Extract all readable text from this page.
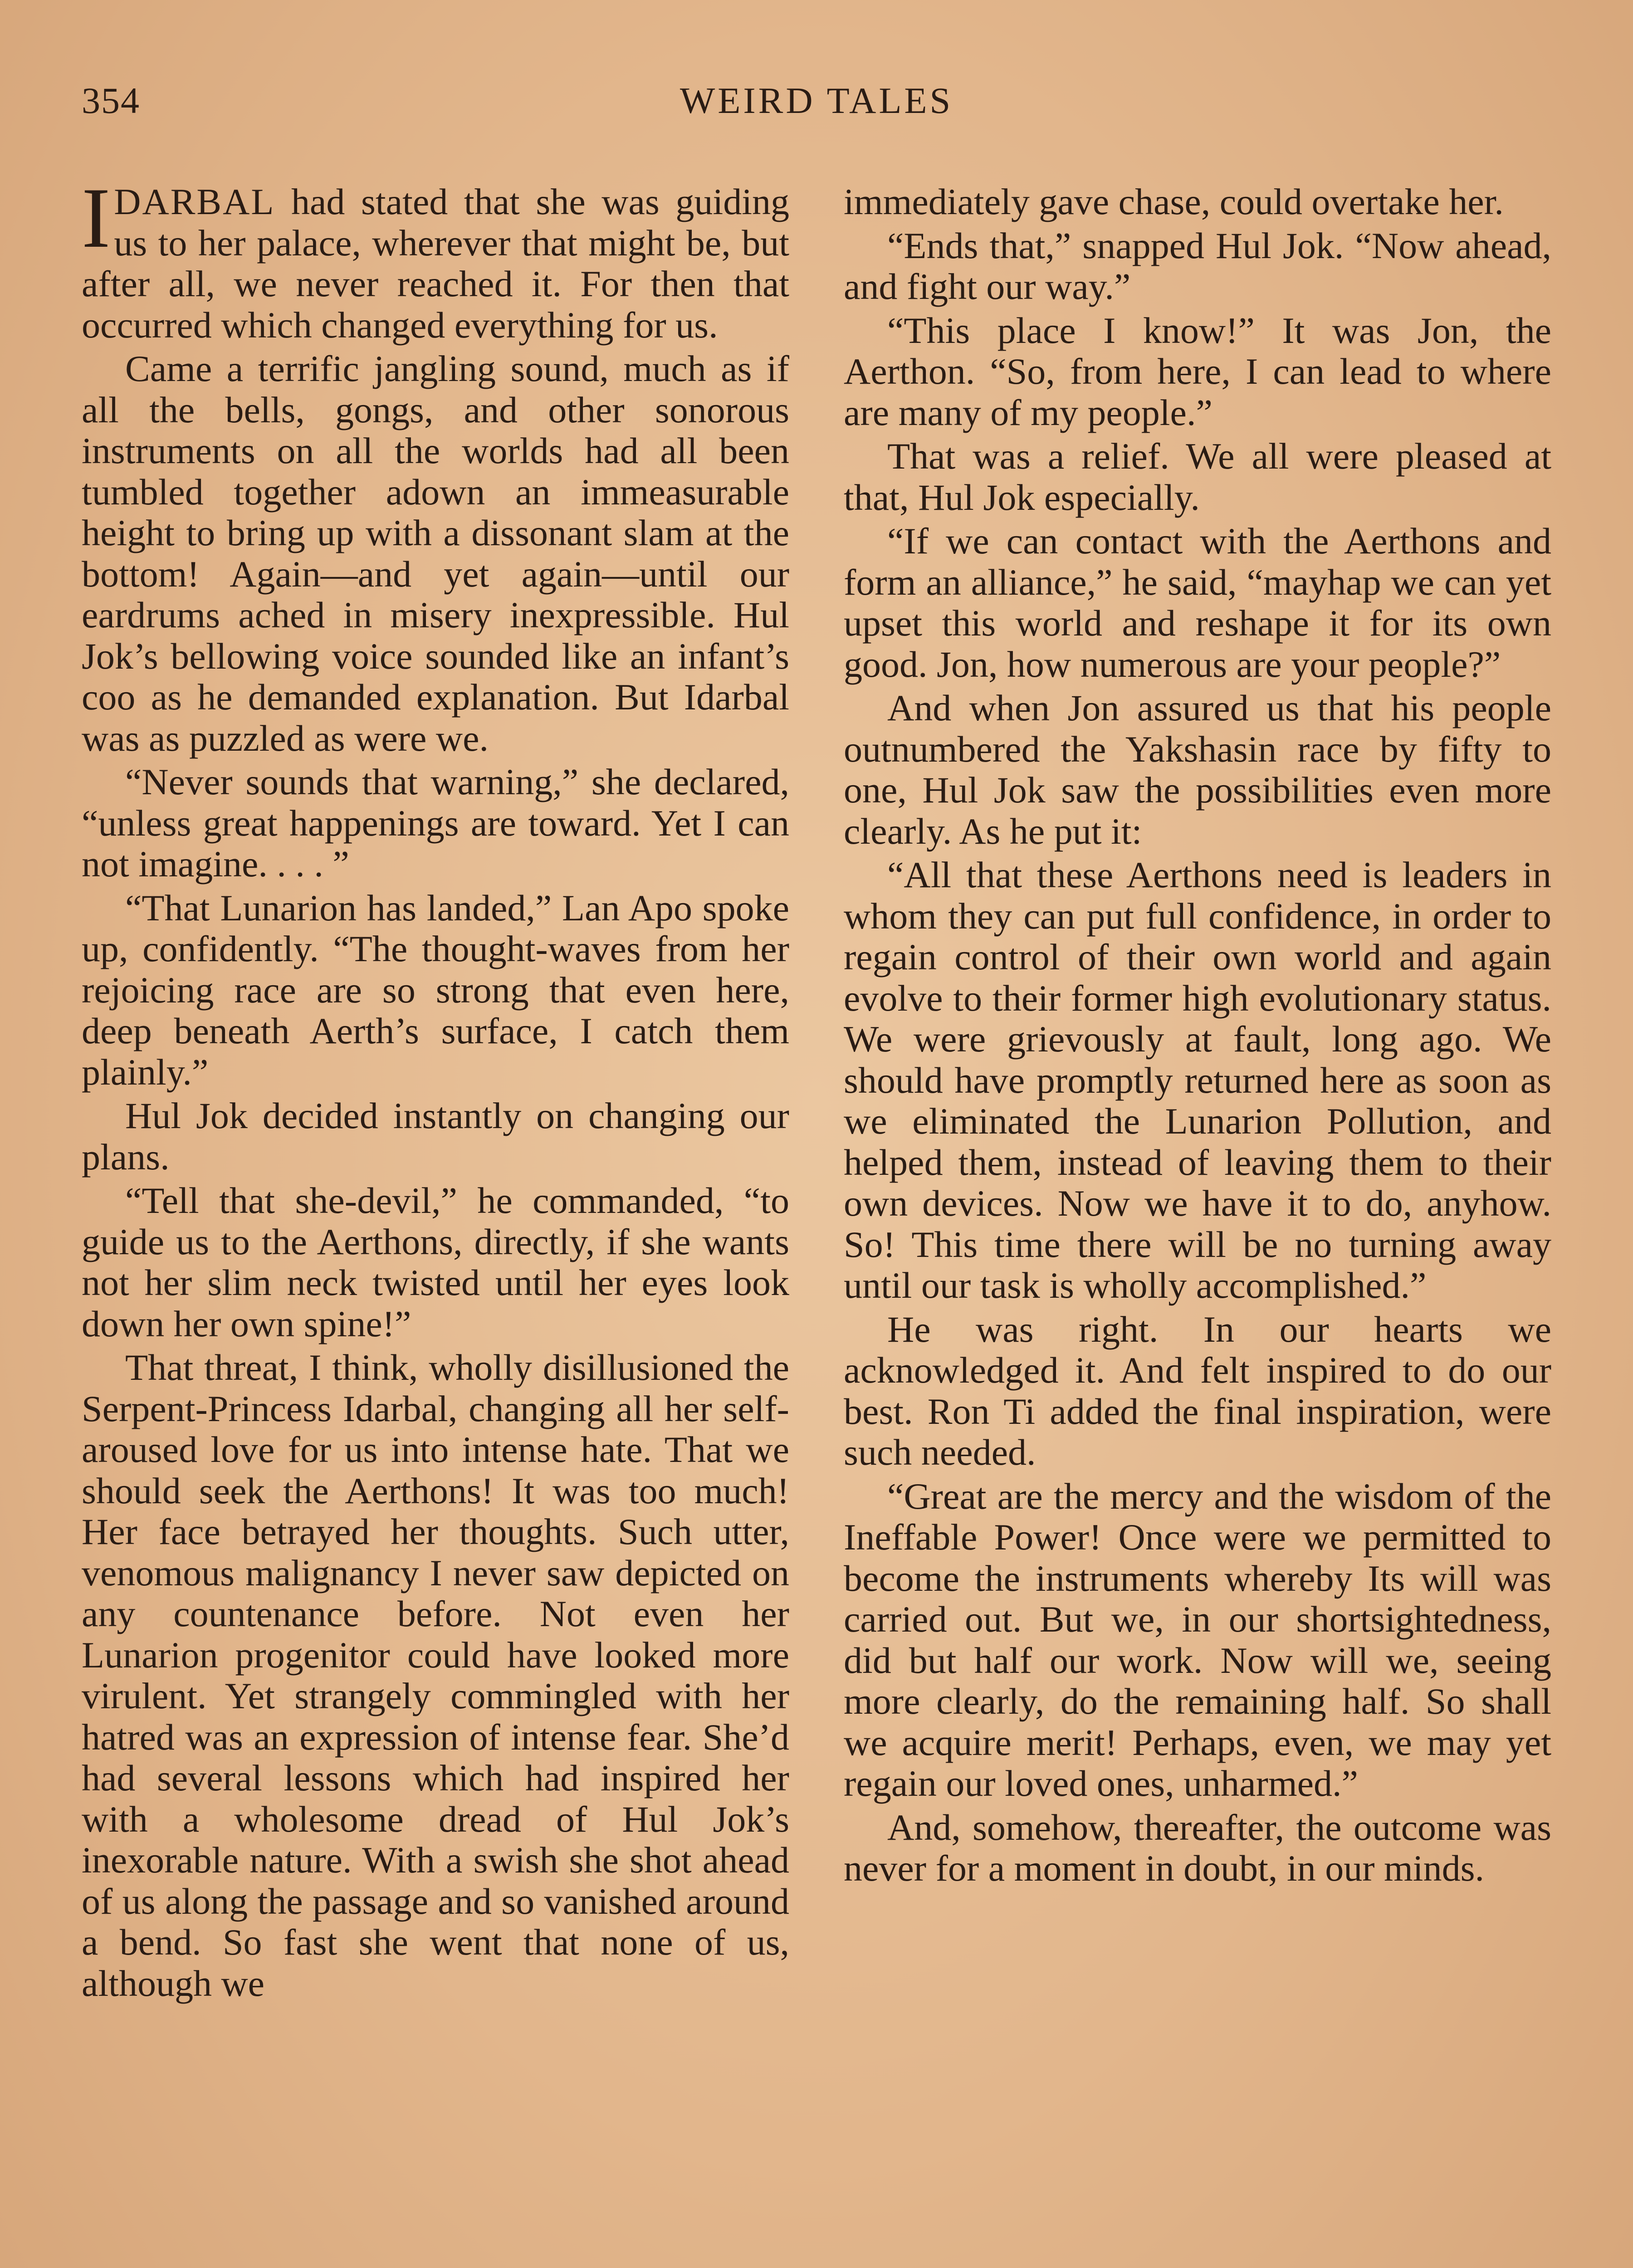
354	WEIRD TALES

IDARBAL had stated that she was guiding us to her palace, wherever that might be, but after all, we never reached it. For then that occurred which changed everything for us.

Came a terrific jangling sound, much as if all the bells, gongs, and other sonorous instruments on all the worlds had all been tumbled together adown an immeasurable height to bring up with a dissonant slam at the bottom! Again—and yet again—until our eardrums ached in misery inexpressible. Hul Jok’s bellowing voice sounded like an infant’s coo as he demanded explanation. But Idarbal was as puzzled as were we.

“Never sounds that warning,” she declared, “unless great happenings are toward. Yet I can not imagine. . . . ”

“That Lunarion has landed,” Lan Apo spoke up, confidently. “The thought-waves from her rejoicing race are so strong that even here, deep beneath Aerth’s surface, I catch them plainly.”

Hul Jok decided instantly on changing our plans.

“Tell that she-devil,” he commanded, “to guide us to the Aerthons, directly, if she wants not her slim neck twisted until her eyes look down her own spine!”

That threat, I think, wholly disillusioned the Serpent-Princess Idarbal, changing all her self-aroused love for us into intense hate. That we should seek the Aerthons! It was too much! Her face betrayed her thoughts. Such utter, venomous malignancy I never saw depicted on any countenance before. Not even her Lunarion progenitor could have looked more virulent. Yet strangely commingled with her hatred was an expression of intense fear. She’d had several lessons which had inspired her with a wholesome dread of Hul Jok’s inexorable nature. With a swish she shot ahead of us along the passage and so vanished around a bend. So fast she went that none of us, although we

immediately gave chase, could overtake her.

“Ends that,” snapped Hul Jok. “Now ahead, and fight our way.”

“This place I know!” It was Jon, the Aerthon. “So, from here, I can lead to where are many of my people.”

That was a relief. We all were pleased at that, Hul Jok especially.

“If we can contact with the Aerthons and form an alliance,” he said, “mayhap we can yet upset this world and reshape it for its own good. Jon, how numerous are your people?”

And when Jon assured us that his people outnumbered the Yakshasin race by fifty to one, Hul Jok saw the possibilities even more clearly. As he put it:

“All that these Aerthons need is leaders in whom they can put full confidence, in order to regain control of their own world and again evolve to their former high evolutionary status. We were grievously at fault, long ago. We should have promptly returned here as soon as we eliminated the Lunarion Pollution, and helped them, instead of leaving them to their own devices. Now we have it to do, anyhow. So! This time there will be no turning away until our task is wholly accomplished.”

He was right. In our hearts we acknowledged it. And felt inspired to do our best. Ron Ti added the final inspiration, were such needed.

“Great are the mercy and the wisdom of the Ineffable Power! Once were we permitted to become the instruments whereby Its will was carried out. But we, in our shortsightedness, did but half our work. Now will we, seeing more clearly, do the remaining half. So shall we acquire merit! Perhaps, even, we may yet regain our loved ones, unharmed.”

And, somehow, thereafter, the outcome was never for a moment in doubt, in our minds.
